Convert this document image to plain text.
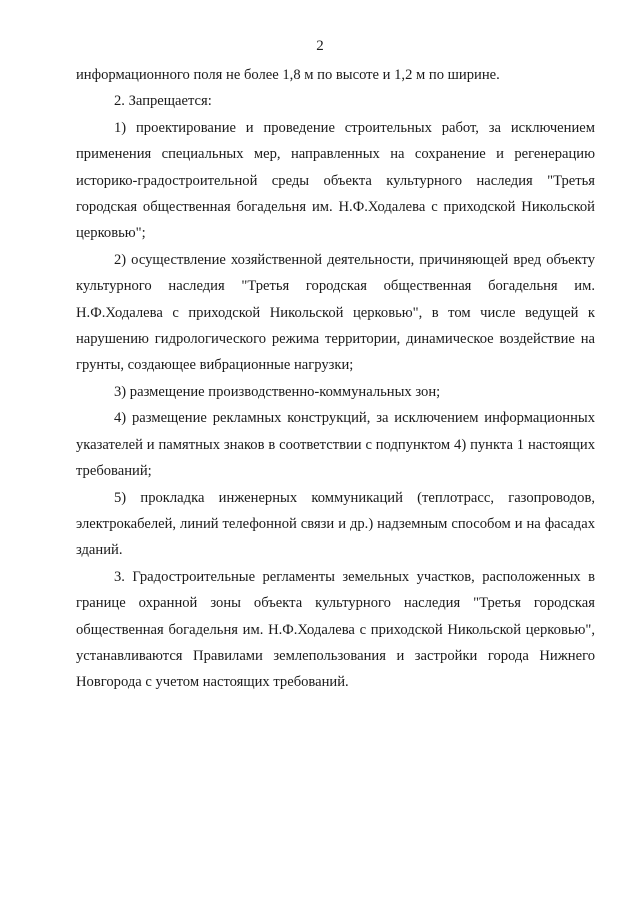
2

информационного поля не более 1,8 м по высоте и 1,2 м по ширине.

2. Запрещается:

1) проектирование и проведение строительных работ, за исключением применения специальных мер, направленных на сохранение и регенерацию историко-градостроительной среды объекта культурного наследия "Третья городская общественная богадельня им. Н.Ф.Ходалева с приходской Никольской церковью";

2) осуществление хозяйственной деятельности, причиняющей вред объекту культурного наследия "Третья городская общественная богадельня им. Н.Ф.Ходалева с приходской Никольской церковью", в том числе ведущей к нарушению гидрологического режима территории, динамическое воздействие на грунты, создающее вибрационные нагрузки;

3) размещение производственно-коммунальных зон;

4) размещение рекламных конструкций, за исключением информационных указателей и памятных знаков в соответствии с подпунктом 4) пункта 1 настоящих требований;

5) прокладка инженерных коммуникаций (теплотрасс, газопроводов, электрокабелей, линий телефонной связи и др.) надземным способом и на фасадах зданий.

3. Градостроительные регламенты земельных участков, расположенных в границе охранной зоны объекта культурного наследия "Третья городская общественная богадельня им. Н.Ф.Ходалева с приходской Никольской церковью", устанавливаются Правилами землепользования и застройки города Нижнего Новгорода с учетом настоящих требований.
